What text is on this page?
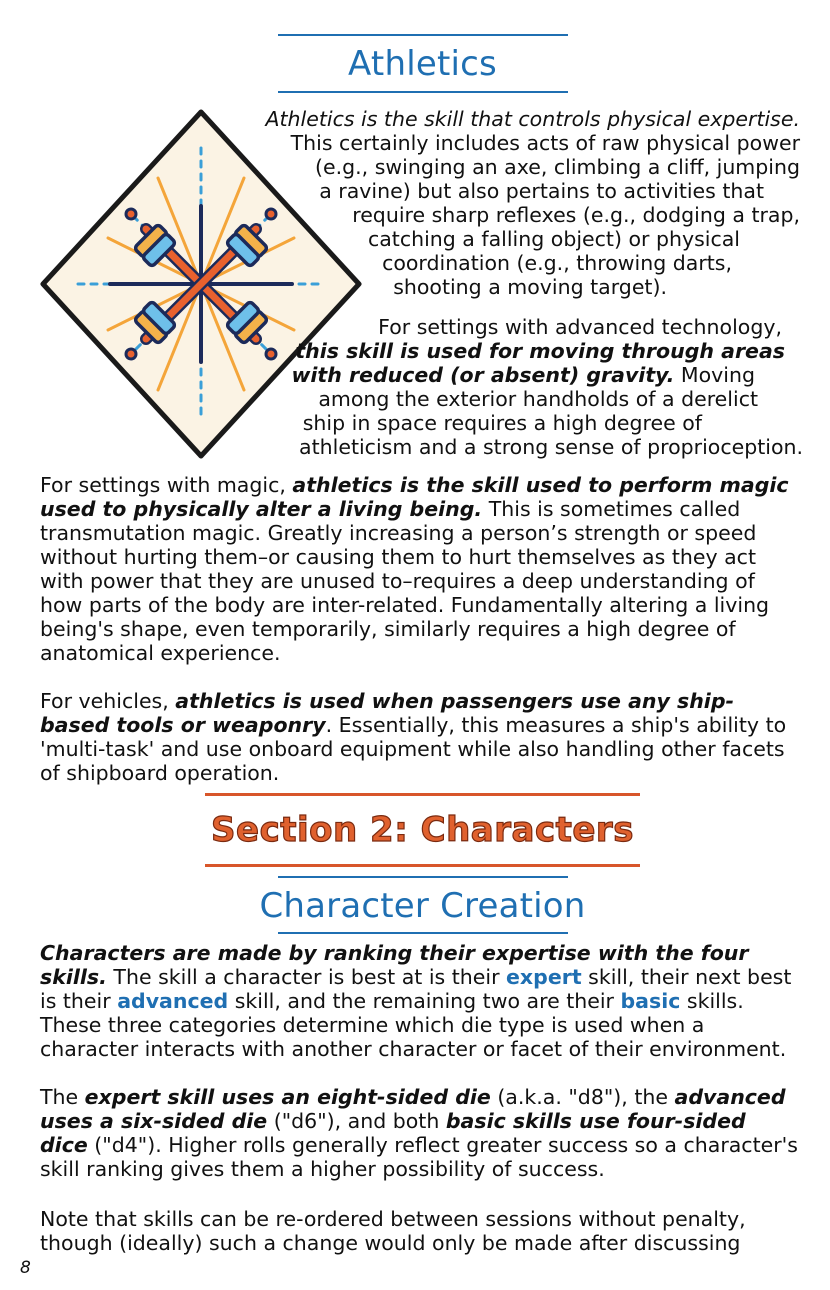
Athletics
Athletics is the skill that controls physical expertise.
This certainly includes acts of raw physical power
(e.g., swinging an axe, climbing a cliff, jumping
a ravine) but also pertains to activities that
require sharp reflexes (e.g., dodging a trap,
catching a falling object) or physical
coordination (e.g., throwing darts,
shooting a moving target).
For settings with advanced technology,
this skill is used for moving through areas
with reduced (or absent) gravity. Moving
among the exterior handholds of a derelict
ship in space requires a high degree of
athleticism and a strong sense of proprioception.

For settings with magic, athletics is the skill used to perform magic used to physically alter a living being. This is sometimes called transmutation magic. Greatly increasing a person’s strength or speed without hurting them–or causing them to hurt themselves as they act with power that they are unused to–requires a deep understanding of how parts of the body are inter-related. Fundamentally altering a living being's shape, even temporarily, similarly requires a high degree of anatomical experience.

For vehicles, athletics is used when passengers use any ship-based tools or weaponry. Essentially, this measures a ship's ability to 'multi-task' and use onboard equipment while also handling other facets of shipboard operation.

Section 2: Characters
Character Creation

Characters are made by ranking their expertise with the four skills. The skill a character is best at is their expert skill, their next best is their advanced skill, and the remaining two are their basic skills. These three categories determine which die type is used when a character interacts with another character or facet of their environment.

The expert skill uses an eight-sided die (a.k.a. "d8"), the advanced uses a six-sided die ("d6"), and both basic skills use four-sided dice ("d4"). Higher rolls generally reflect greater success so a character's skill ranking gives them a higher possibility of success.

Note that skills can be re-ordered between sessions without penalty, though (ideally) such a change would only be made after discussing

8
